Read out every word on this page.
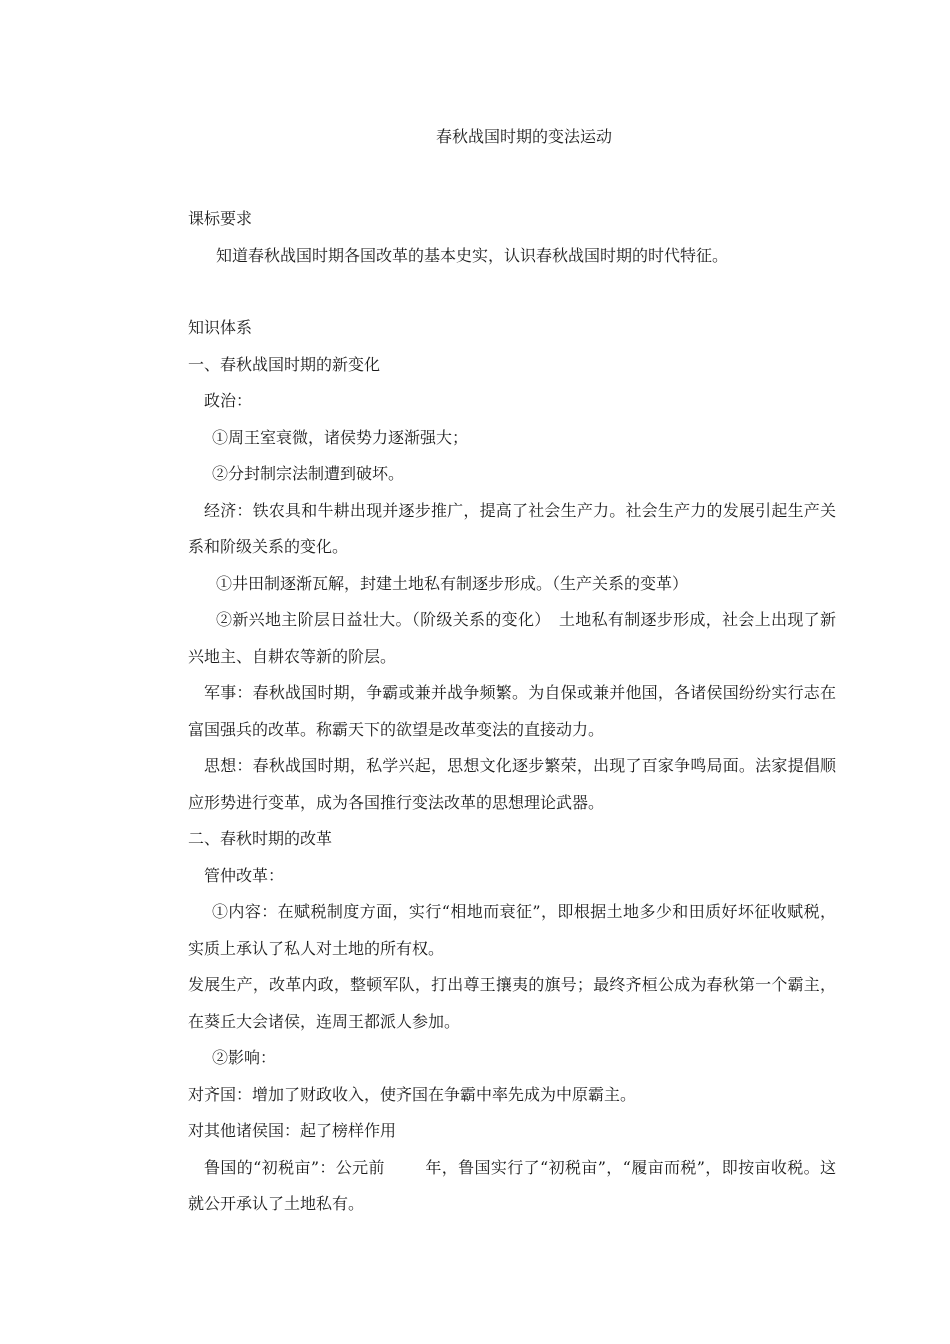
春秋战国时期的变法运动

课标要求

知道春秋战国时期各国改革的基本史实，认识春秋战国时期的时代特征。

知识体系

一、春秋战国时期的新变化

政治：

①周王室衰微，诸侯势力逐渐强大；

②分封制宗法制遭到破坏。

经济：铁农具和牛耕出现并逐步推广，提高了社会生产力。社会生产力的发展引起生产关系和阶级关系的变化。

①井田制逐渐瓦解，封建土地私有制逐步形成。（生产关系的变革）

②新兴地主阶层日益壮大。（阶级关系的变化）　土地私有制逐步形成，社会上出现了新兴地主、自耕农等新的阶层。

军事：春秋战国时期，争霸或兼并战争频繁。为自保或兼并他国，各诸侯国纷纷实行志在富国强兵的改革。称霸天下的欲望是改革变法的直接动力。

思想：春秋战国时期，私学兴起，思想文化逐步繁荣，出现了百家争鸣局面。法家提倡顺应形势进行变革，成为各国推行变法改革的思想理论武器。

二、春秋时期的改革

管仲改革：

①内容：在赋税制度方面，实行“相地而衰征”，即根据土地多少和田质好坏征收赋税，实质上承认了私人对土地的所有权。

发展生产，改革内政，整顿军队，打出尊王攘夷的旗号；最终齐桓公成为春秋第一个霸主，在葵丘大会诸侯，连周王都派人参加。

②影响：

对齐国：增加了财政收入，使齐国在争霸中率先成为中原霸主。

对其他诸侯国：起了榜样作用

鲁国的“初税亩”：公元前	年，鲁国实行了“初税亩”，“履亩而税”，即按亩收税。这就公开承认了土地私有。
